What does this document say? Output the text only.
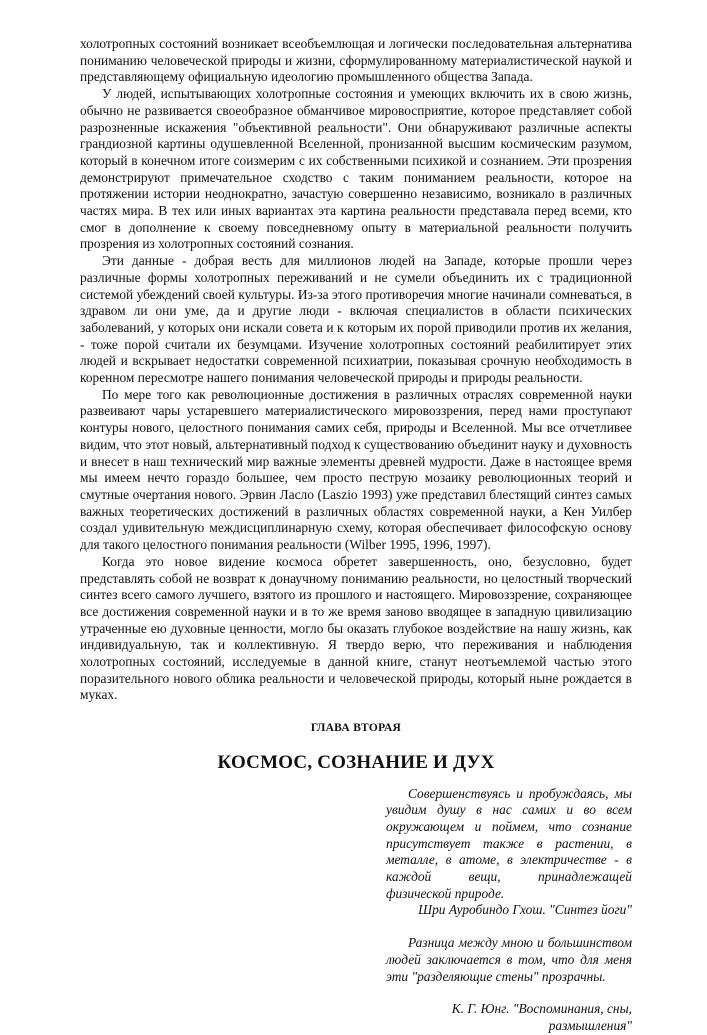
холотропных состояний возникает всеобъемлющая и логически последовательная альтернатива пониманию человеческой природы и жизни, сформулированному материалистической наукой и представляющему официальную идеологию промышленного общества Запада.

У людей, испытывающих холотропные состояния и умеющих включить их в свою жизнь, обычно не развивается своеобразное обманчивое мировосприятие, которое представляет собой разрозненные искажения "объективной реальности". Они обнаруживают различные аспекты грандиозной картины одушевленной Вселенной, пронизанной высшим космическим разумом, который в конечном итоге соизмерим с их собственными психикой и сознанием. Эти прозрения демонстрируют примечательное сходство с таким пониманием реальности, которое на протяжении истории неоднократно, зачастую совершенно независимо, возникало в различных частях мира. В тех или иных вариантах эта картина реальности представала перед всеми, кто смог в дополнение к своему повседневному опыту в материальной реальности получить прозрения из холотропных состояний сознания.

Эти данные - добрая весть для миллионов людей на Западе, которые прошли через различные формы холотропных переживаний и не сумели объединить их с традиционной системой убеждений своей культуры. Из-за этого противоречия многие начинали сомневаться, в здравом ли они уме, да и другие люди - включая специалистов в области психических заболеваний, у которых они искали совета и к которым их порой приводили против их желания, - тоже порой считали их безумцами. Изучение холотропных состояний реабилитирует этих людей и вскрывает недостатки современной психиатрии, показывая срочную необходимость в коренном пересмотре нашего понимания человеческой природы и природы реальности.

По мере того как революционные достижения в различных отраслях современной науки развеивают чары устаревшего материалистического мировоззрения, перед нами проступают контуры нового, целостного понимания самих себя, природы и Вселенной. Мы все отчетливее видим, что этот новый, альтернативный подход к существованию объединит науку и духовность и внесет в наш технический мир важные элементы древней мудрости. Даже в настоящее время мы имеем нечто гораздо большее, чем просто пеструю мозаику революционных теорий и смутные очертания нового. Эрвин Ласло (Laszio 1993) уже представил блестящий синтез самых важных теоретических достижений в различных областях современной науки, а Кен Уилбер создал удивительную междисциплинарную схему, которая обеспечивает философскую основу для такого целостного понимания реальности (Wilber 1995, 1996, 1997).

Когда это новое видение космоса обретет завершенность, оно, безусловно, будет представлять собой не возврат к донаучному пониманию реальности, но целостный творческий синтез всего самого лучшего, взятого из прошлого и настоящего. Мировоззрение, сохраняющее все достижения современной науки и в то же время заново вводящее в западную цивилизацию утраченные ею духовные ценности, могло бы оказать глубокое воздействие на нашу жизнь, как индивидуальную, так и коллективную. Я твердо верю, что переживания и наблюдения холотропных состояний, исследуемые в данной книге, станут неотъемлемой частью этого поразительного нового облика реальности и человеческой природы, который ныне рождается в муках.

ГЛАВА ВТОРАЯ
КОСМОС, СОЗНАНИЕ И ДУХ

Совершенствуясь и пробуждаясь, мы увидим душу в нас самих и во всем окружающем и поймем, что сознание присутствует также в растении, в металле, в атоме, в электричестве - в каждой вещи, принадлежащей физической природе.

Шри Ауробиндо Гхош. "Синтез йоги"

Разница между мною и большинством людей заключается в том, что для меня эти "разделяющие стены" прозрачны.

К. Г. Юнг. "Воспоминания, сны,

размышления"
